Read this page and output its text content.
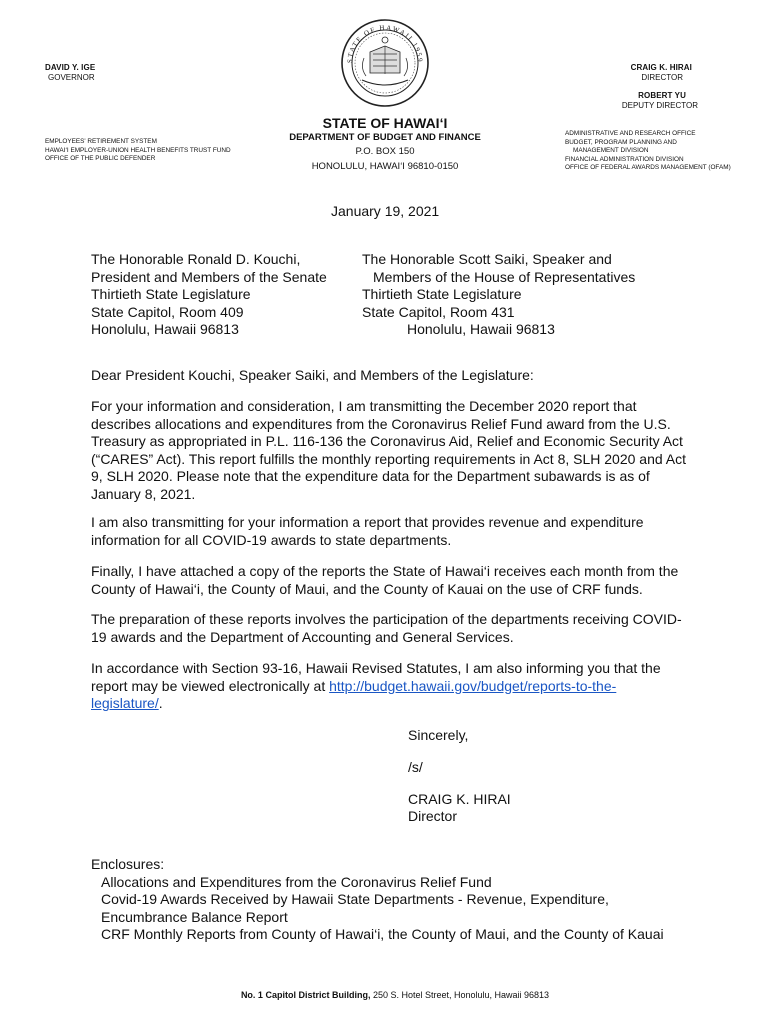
STATE OF HAWAII 1959
DAVID Y. IGE
GOVERNOR
CRAIG K. HIRAI
DIRECTOR
ROBERT YU
DEPUTY DIRECTOR
STATE OF HAWAI‘I
DEPARTMENT OF BUDGET AND FINANCE
P.O. BOX 150
HONOLULU, HAWAI‘I 96810-0150
EMPLOYEES' RETIREMENT SYSTEM
HAWAI‘I EMPLOYER-UNION HEALTH BENEFITS TRUST FUND
OFFICE OF THE PUBLIC DEFENDER
ADMINISTRATIVE AND RESEARCH OFFICE
BUDGET, PROGRAM PLANNING AND
MANAGEMENT DIVISION
FINANCIAL ADMINISTRATION DIVISION
OFFICE OF FEDERAL AWARDS MANAGEMENT (OFAM)
January 19, 2021
The Honorable Ronald D. Kouchi,
President and Members of the Senate
Thirtieth State Legislature
State Capitol, Room 409
Honolulu, Hawaii 96813
The Honorable Scott Saiki, Speaker and
Members of the House of Representatives
Thirtieth State Legislature
State Capitol, Room 431
Honolulu, Hawaii 96813

Dear President Kouchi, Speaker Saiki, and Members of the Legislature:

For your information and consideration, I am transmitting the December 2020 report that describes allocations and expenditures from the Coronavirus Relief Fund award from the U.S. Treasury as appropriated in P.L. 116-136 the Coronavirus Aid, Relief and Economic Security Act (“CARES” Act). This report fulfills the monthly reporting requirements in Act 8, SLH 2020 and Act 9, SLH 2020. Please note that the expenditure data for the Department subawards is as of January 8, 2021.

I am also transmitting for your information a report that provides revenue and expenditure information for all COVID-19 awards to state departments.

Finally, I have attached a copy of the reports the State of Hawai‘i receives each month from the County of Hawai‘i, the County of Maui, and the County of Kauai on the use of CRF funds.

The preparation of these reports involves the participation of the departments receiving COVID-19 awards and the Department of Accounting and General Services.

In accordance with Section 93-16, Hawaii Revised Statutes, I am also informing you that the report may be viewed electronically at http://budget.hawaii.gov/budget/reports-to-the-legislature/.

Sincerely,
/s/
CRAIG K. HIRAI
Director
Enclosures:
Allocations and Expenditures from the Coronavirus Relief Fund
Covid-19 Awards Received by Hawaii State Departments - Revenue, Expenditure,
Encumbrance Balance Report
CRF Monthly Reports from County of Hawai‘i, the County of Maui, and the County of Kauai
No. 1 Capitol District Building, 250 S. Hotel Street, Honolulu, Hawaii 96813
